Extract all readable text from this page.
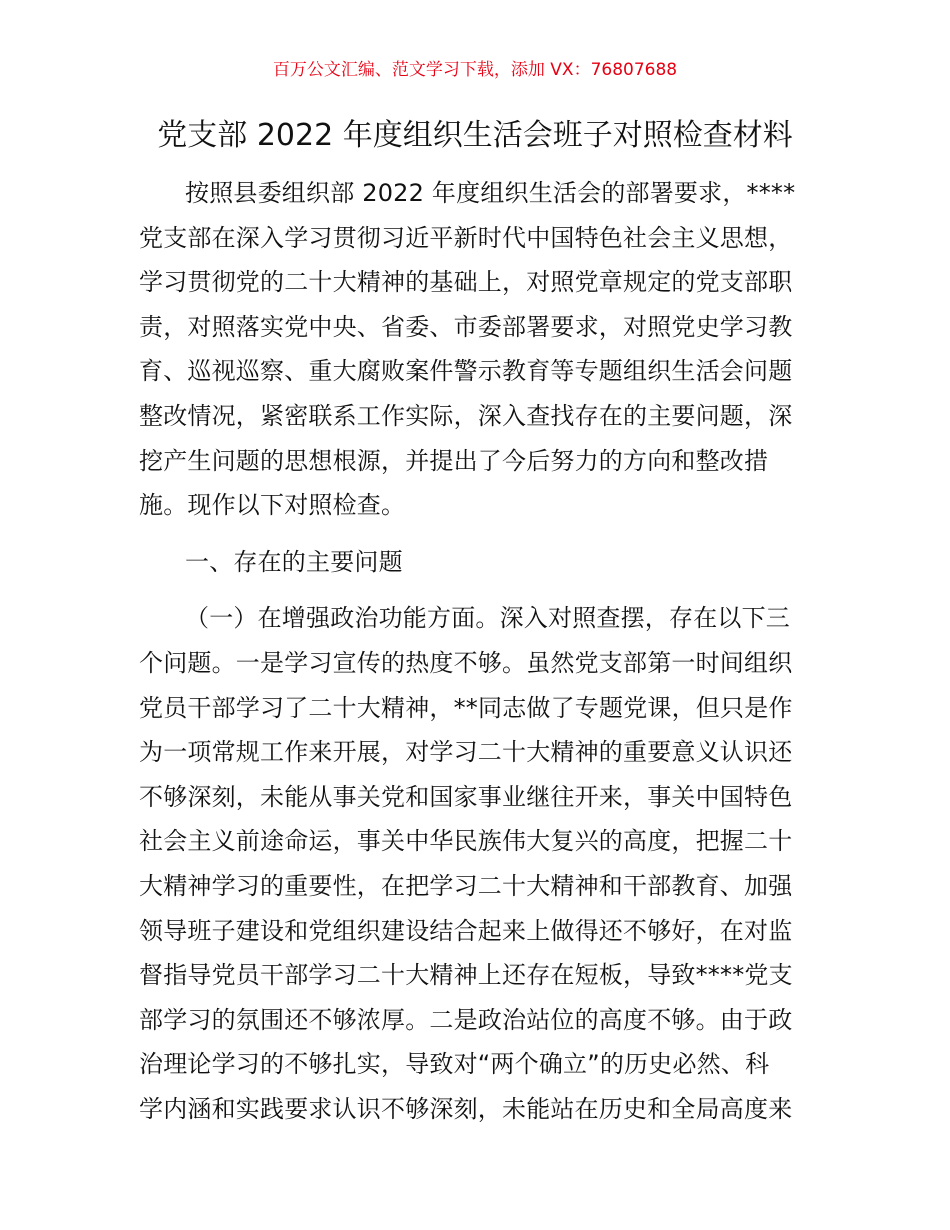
百万公文汇编、范文学习下载，添加 VX：76807688
党支部 2022 年度组织生活会班子对照检查材料
按照县委组织部 2022 年度组织生活会的部署要求，****
党支部在深入学习贯彻习近平新时代中国特色社会主义思想，
学习贯彻党的二十大精神的基础上，对照党章规定的党支部职
责，对照落实党中央、省委、市委部署要求，对照党史学习教
育、巡视巡察、重大腐败案件警示教育等专题组织生活会问题
整改情况，紧密联系工作实际，深入查找存在的主要问题，深
挖产生问题的思想根源，并提出了今后努力的方向和整改措
施。现作以下对照检查。
一、存在的主要问题
（一）在增强政治功能方面。深入对照查摆，存在以下三
个问题。一是学习宣传的热度不够。虽然党支部第一时间组织
党员干部学习了二十大精神，**同志做了专题党课，但只是作
为一项常规工作来开展，对学习二十大精神的重要意义认识还
不够深刻，未能从事关党和国家事业继往开来，事关中国特色
社会主义前途命运，事关中华民族伟大复兴的高度，把握二十
大精神学习的重要性，在把学习二十大精神和干部教育、加强
领导班子建设和党组织建设结合起来上做得还不够好，在对监
督指导党员干部学习二十大精神上还存在短板，导致****党支
部学习的氛围还不够浓厚。二是政治站位的高度不够。由于政
治理论学习的不够扎实，导致对“两个确立”的历史必然、科
学内涵和实践要求认识不够深刻，未能站在历史和全局高度来
